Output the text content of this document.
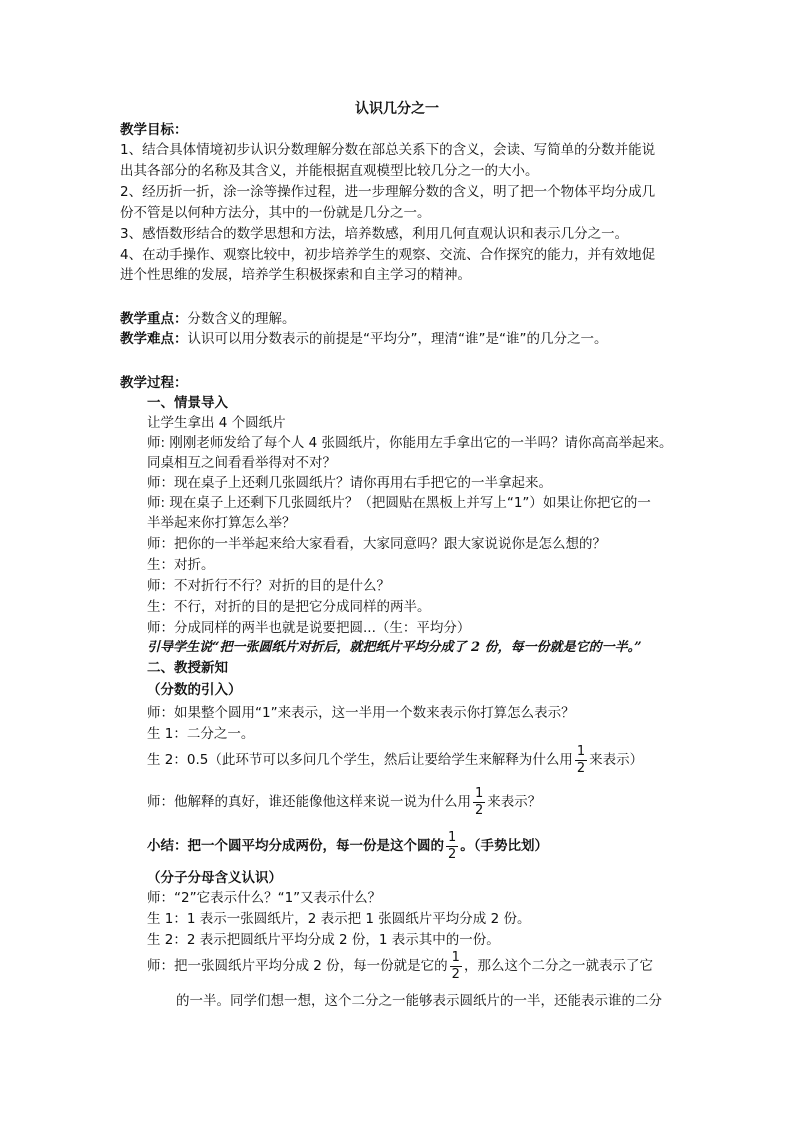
认识几分之一
教学目标：
1、结合具体情境初步认识分数理解分数在部总关系下的含义，会读、写简单的分数并能说
出其各部分的名称及其含义，并能根据直观模型比较几分之一的大小。
2、经历折一折，涂一涂等操作过程，进一步理解分数的含义，明了把一个物体平均分成几
份不管是以何种方法分，其中的一份就是几分之一。
3、感悟数形结合的数学思想和方法，培养数感，利用几何直观认识和表示几分之一。
4、在动手操作、观察比较中，初步培养学生的观察、交流、合作探究的能力，并有效地促
进个性思维的发展，培养学生积极探索和自主学习的精神。
教学重点：分数含义的理解。
教学难点：认识可以用分数表示的前提是“平均分”，理清“谁”是“谁”的几分之一。
教学过程：
一、情景导入
让学生拿出 4 个圆纸片
师: 刚刚老师发给了每个人 4 张圆纸片，你能用左手拿出它的一半吗？请你高高举起来。
同桌相互之间看看举得对不对？
师：现在桌子上还剩几张圆纸片？请你再用右手把它的一半拿起来。
师: 现在桌子上还剩下几张圆纸片？（把圆贴在黑板上并写上“1”）如果让你把它的一
半举起来你打算怎么举？
师：把你的一半举起来给大家看看，大家同意吗？跟大家说说你是怎么想的？
生：对折。
师：不对折行不行？对折的目的是什么？
生：不行，对折的目的是把它分成同样的两半。
师：分成同样的两半也就是说要把圆...（生：平均分）
引导学生说“把一张圆纸片对折后，就把纸片平均分成了 2 份，每一份就是它的一半。”
二、教授新知
（分数的引入）
师：如果整个圆用“1”来表示，这一半用一个数来表示你打算怎么表示？
生 1：二分之一。
生 2：0.5（此环节可以多问几个学生，然后让要给学生来解释为什么用 $\frac{1}{2}$ 来表示）
师：他解释的真好，谁还能像他这样来说一说为什么用 $\frac{1}{2}$ 来表示？
小结：把一个圆平均分成两份，每一份是这个圆的 $\frac{1}{2}$ 。（手势比划）
（分子分母含义认识）
师：“2”它表示什么？“1”又表示什么？
生 1：1 表示一张圆纸片，2 表示把 1 张圆纸片平均分成 2 份。
生 2：2 表示把圆纸片平均分成 2 份，1 表示其中的一份。
师：把一张圆纸片平均分成 2 份，每一份就是它的 $\frac{1}{2}$ ，那么这个二分之一就表示了它
的一半。同学们想一想，这个二分之一能够表示圆纸片的一半，还能表示谁的二分
